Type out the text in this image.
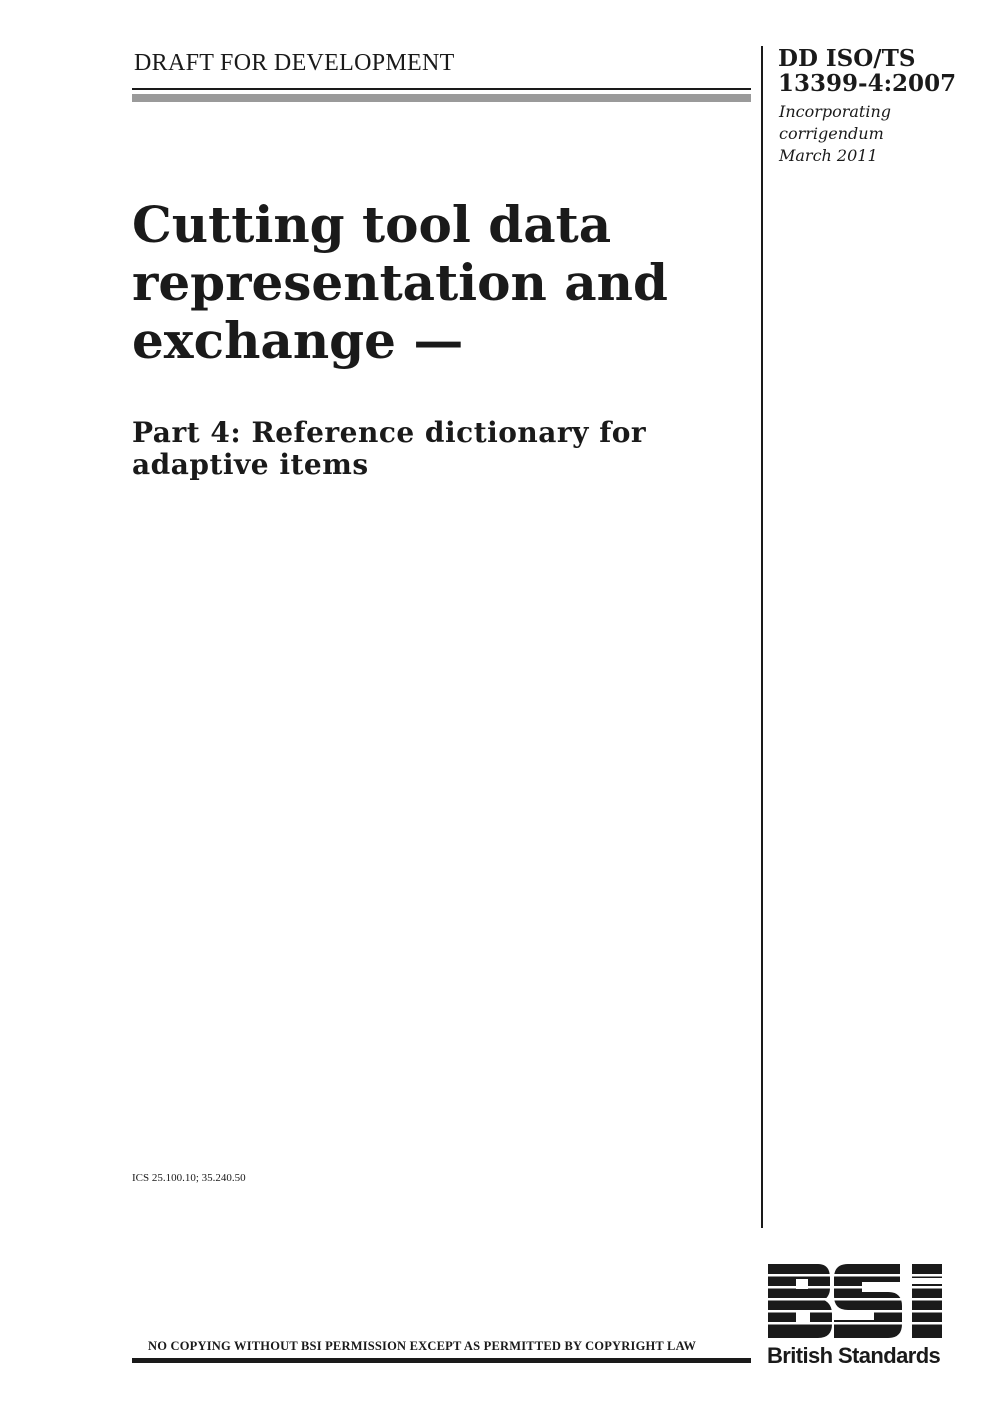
DRAFT FOR DEVELOPMENT	DD ISO/TS
13399-4:2007
Incorporating
corrigendum
March 2011
Cutting tool data
representation and
exchange —
Part 4: Reference dictionary for
adaptive items
ICS 25.100.10; 35.240.50
NO COPYING WITHOUT BSI PERMISSION EXCEPT AS PERMITTED BY COPYRIGHT LAW	British Standards
